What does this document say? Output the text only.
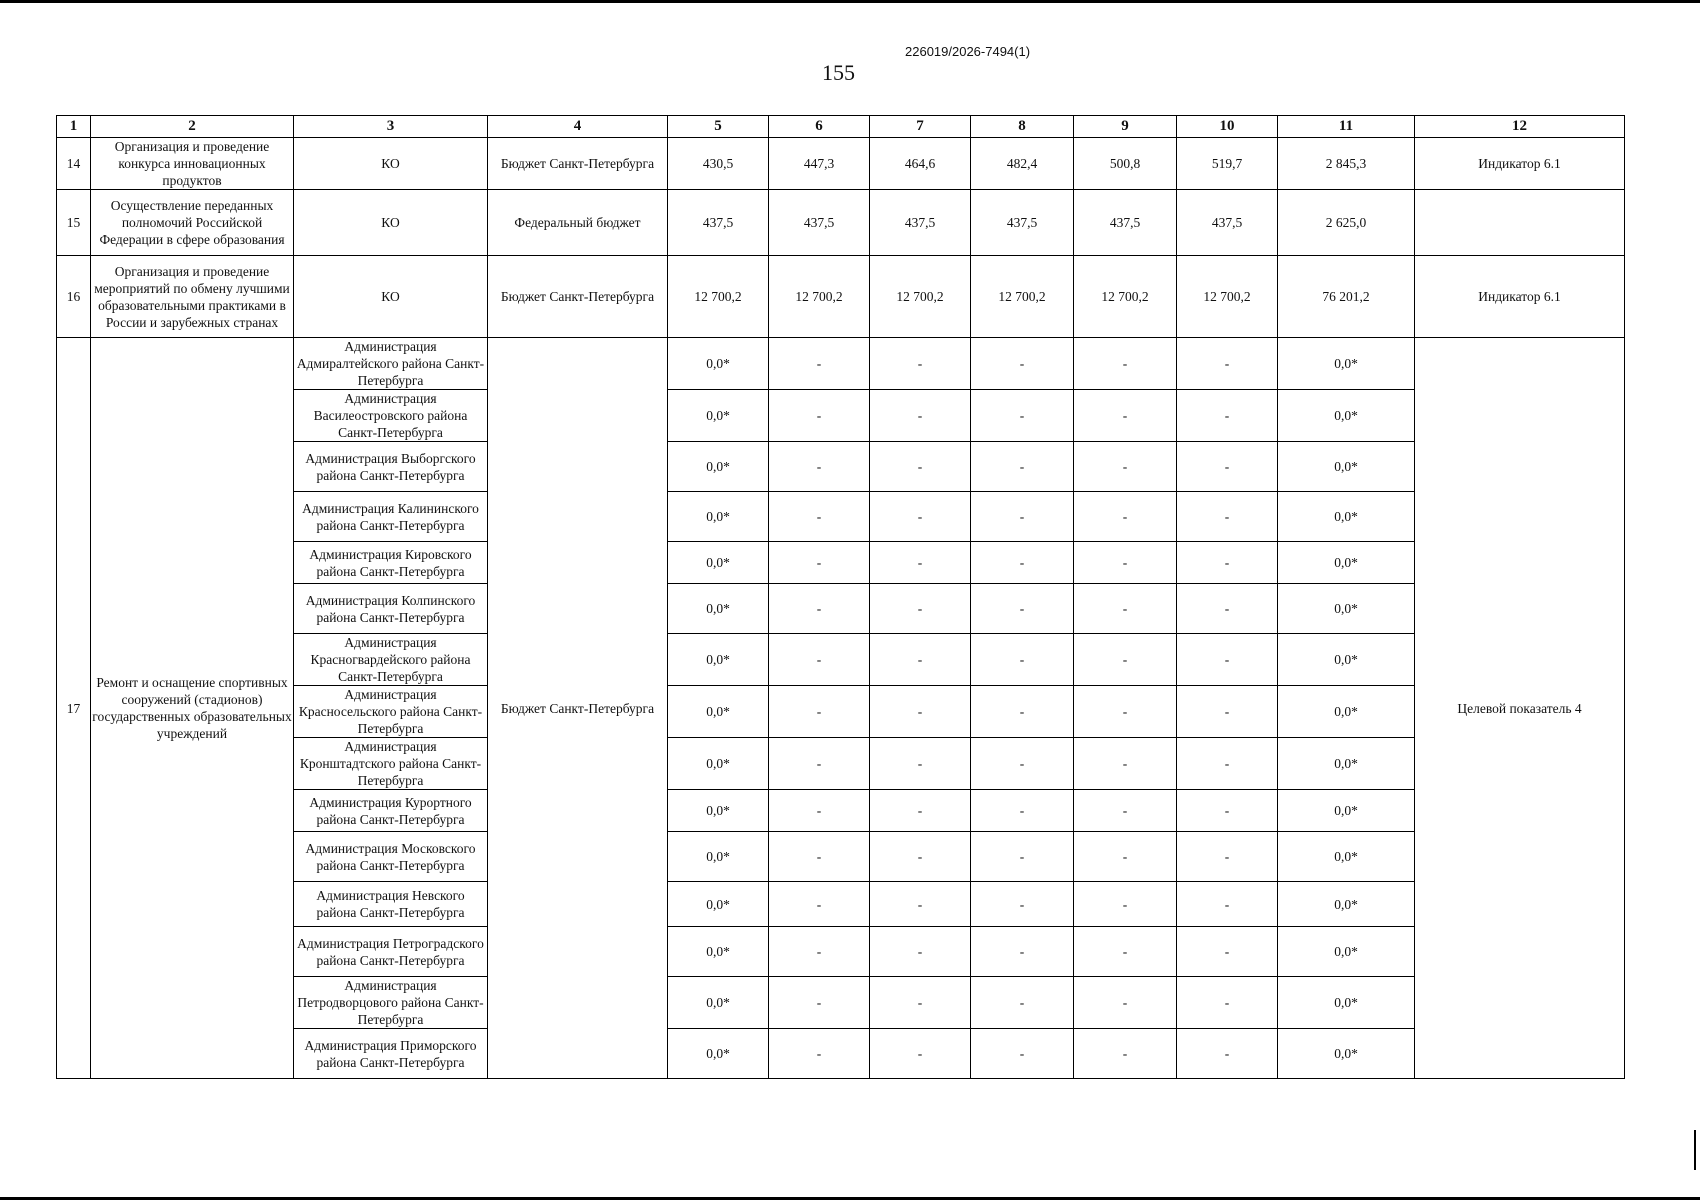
226019/2026-7494(1)
155
1	2	3	4	5	6	7	8	9	10	11	12
14	Организация и проведение конкурса инновационных продуктов	КО	Бюджет Санкт-Петербурга	430,5	447,3	464,6	482,4	500,8	519,7	2 845,3	Индикатор 6.1
15	Осуществление переданных полномочий Российской Федерации в сфере образования	КО	Федеральный бюджет	437,5	437,5	437,5	437,5	437,5	437,5	2 625,0	
16	Организация и проведение мероприятий по обмену лучшими образовательными практиками в России и зарубежных странах	КО	Бюджет Санкт-Петербурга	12 700,2	12 700,2	12 700,2	12 700,2	12 700,2	12 700,2	76 201,2	Индикатор 6.1
17	Ремонт и оснащение спортивных сооружений (стадионов) государственных образовательных учреждений	Администрация Адмиралтейского района Санкт-Петербурга	Бюджет Санкт-Петербурга	0,0*	-	-	-	-	-	0,0*	Целевой показатель 4
		Администрация Василеостровского района Санкт-Петербурга		0,0*	-	-	-	-	-	0,0*	
		Администрация Выборгского района Санкт-Петербурга		0,0*	-	-	-	-	-	0,0*	
		Администрация Калининского района Санкт-Петербурга		0,0*	-	-	-	-	-	0,0*	
		Администрация Кировского района Санкт-Петербурга		0,0*	-	-	-	-	-	0,0*	
		Администрация Колпинского района Санкт-Петербурга		0,0*	-	-	-	-	-	0,0*	
		Администрация Красногвардейского района Санкт-Петербурга		0,0*	-	-	-	-	-	0,0*	
		Администрация Красносельского района Санкт-Петербурга		0,0*	-	-	-	-	-	0,0*	
		Администрация Кронштадтского района Санкт-Петербурга		0,0*	-	-	-	-	-	0,0*	
		Администрация Курортного района Санкт-Петербурга		0,0*	-	-	-	-	-	0,0*	
		Администрация Московского района Санкт-Петербурга		0,0*	-	-	-	-	-	0,0*	
		Администрация Невского района Санкт-Петербурга		0,0*	-	-	-	-	-	0,0*	
		Администрация Петроградского района Санкт-Петербурга		0,0*	-	-	-	-	-	0,0*	
		Администрация Петродворцового района Санкт-Петербурга		0,0*	-	-	-	-	-	0,0*	
		Администрация Приморского района Санкт-Петербурга		0,0*	-	-	-	-	-	0,0*	
